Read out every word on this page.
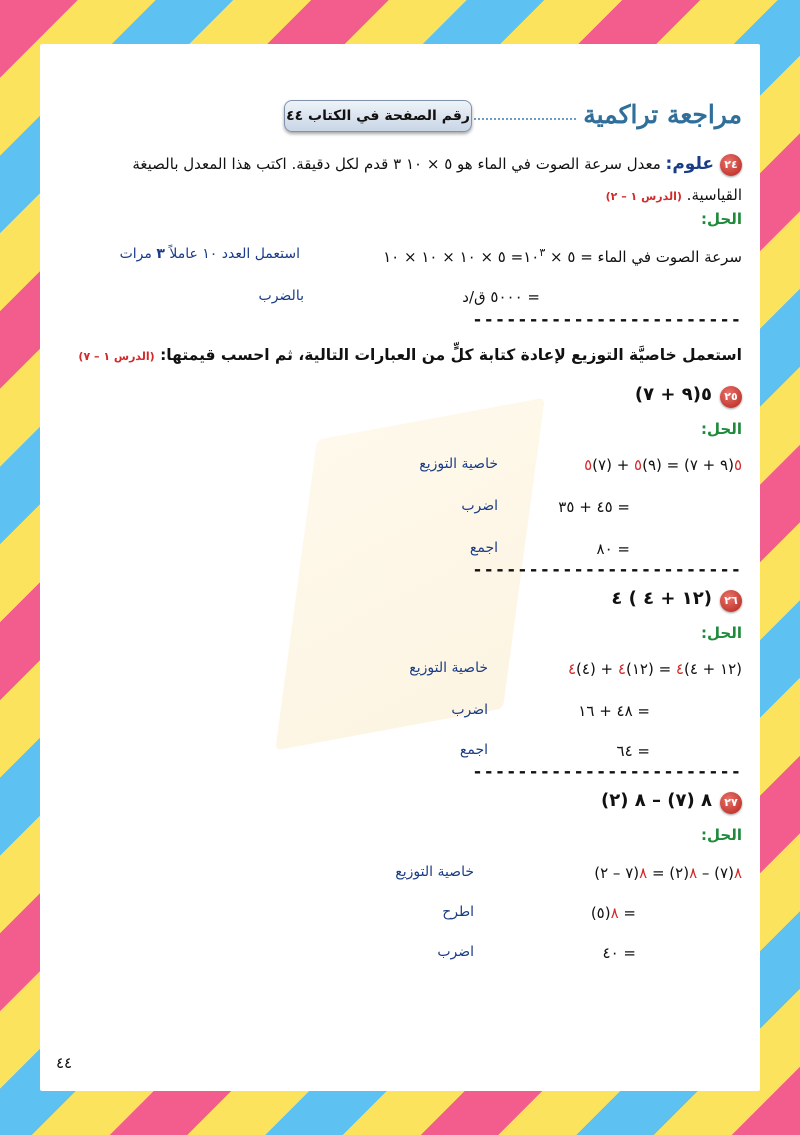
مراجعة تراكمية
رقم الصفحة في الكتاب ٤٤
٢٤
علوم: معدل سرعة الصوت في الماء هو ٥ × ١٠ ٣ قدم لكل دقيقة. اكتب هذا المعدل بالصيغة
القياسية. (الدرس ١ – ٢)
الحل:
سرعة الصوت في الماء = ٥ × $١٠^٣=$ ٥ × ١٠ × ١٠ × ١٠
استعمل العدد ١٠ عاملاً ٣ مرات
= ٥٠٠٠ ق/د
بالضرب
------------------------
استعمل خاصيَّة التوزيع لإعادة كتابة كلٍّ من العبارات التالية، ثم احسب قيمتها: (الدرس ١ – ٧)
٢٥
٥(٩ + ٧)
الحل:
٥(٩ + ٧) = (٩)٥ + (٧)٥
خاصية التوزيع
= ٤٥ + ٣٥
اضرب
= ٨٠
اجمع
------------------------
٢٦
(١٢ + ٤ ) ٤
الحل:
(١٢ + ٤)٤ = (١٢)٤ + (٤)٤
خاصية التوزيع
= ٤٨ + ١٦
اضرب
= ٦٤
اجمع
------------------------
٢٧
٨ (٧) – ٨ (٢)
الحل:
٨(٧) – ٨(٢) = ٨(٧ – ٢)
خاصية التوزيع
= ٨(٥)
اطرح
= ٤٠
اضرب
٤٤
